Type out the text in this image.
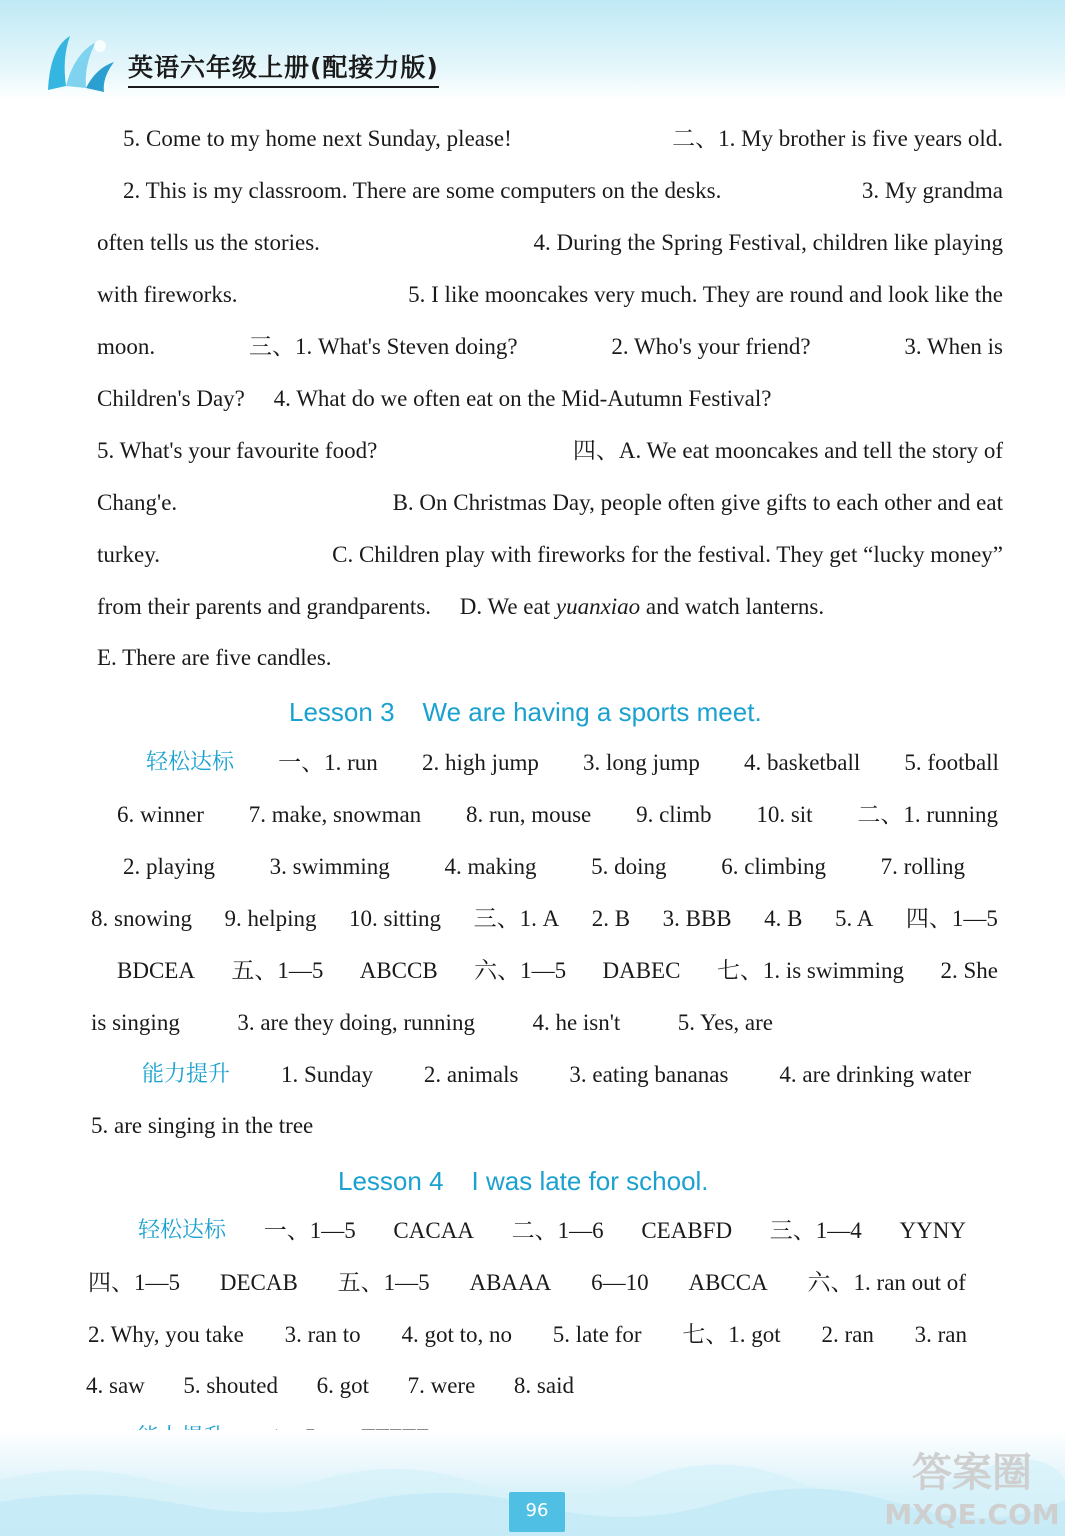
英语六年级上册(配接力版)
5. Come to my home next Sunday, please!	二、1. My brother is five years old.
2. This is my classroom. There are some computers on the desks.	3. My grandma
often tells us the stories.	4. During the Spring Festival, children like playing
with fireworks.	5. I like mooncakes very much. They are round and look like the
moon.	三、1. What's Steven doing?	2. Who's your friend?	3. When is
Children's Day? 4. What do we often eat on the Mid-Autumn Festival?
5. What's your favourite food?	四、A. We eat mooncakes and tell the story of
Chang'e.	B. On Christmas Day, people often give gifts to each other and eat
turkey.	C. Children play with fireworks for the festival. They get “lucky money”
from their parents and grandparents. D. We eat yuanxiao and watch lanterns.
E. There are five candles.
Lesson 3 We are having a sports meet.
轻松达标 一、1. run 2. high jump 3. long jump 4. basketball 5. football
6. winner 7. make, snowman 8. run, mouse 9. climb 10. sit 二、1. running
2. playing 3. swimming 4. making 5. doing 6. climbing 7. rolling
8. snowing 9. helping 10. sitting 三、1. A 2. B 3. BBB 4. B 5. A 四、1—5
BDCEA 五、1—5 ABCCB 六、1—5 DABEC 七、1. is swimming 2. She
is singing	3. are they doing, running	4. he isn't	5. Yes, are
能力提升 1. Sunday 2. animals 3. eating bananas 4. are drinking water
5. are singing in the tree
Lesson 4 I was late for school.
轻松达标 一、1—5 CACAA 二、1—6 CEABFD 三、1—4 YYNY
四、1—5 DECAB 五、1—5 ABAAA 6—10 ABCCA 六、1. ran out of
2. Why, you take 3. ran to 4. got to, no 5. late for 七、1. got 2. ran 3. ran
4. saw 5. shouted 6. got 7. were 8. said
96
答案圈
MXQE.COM
